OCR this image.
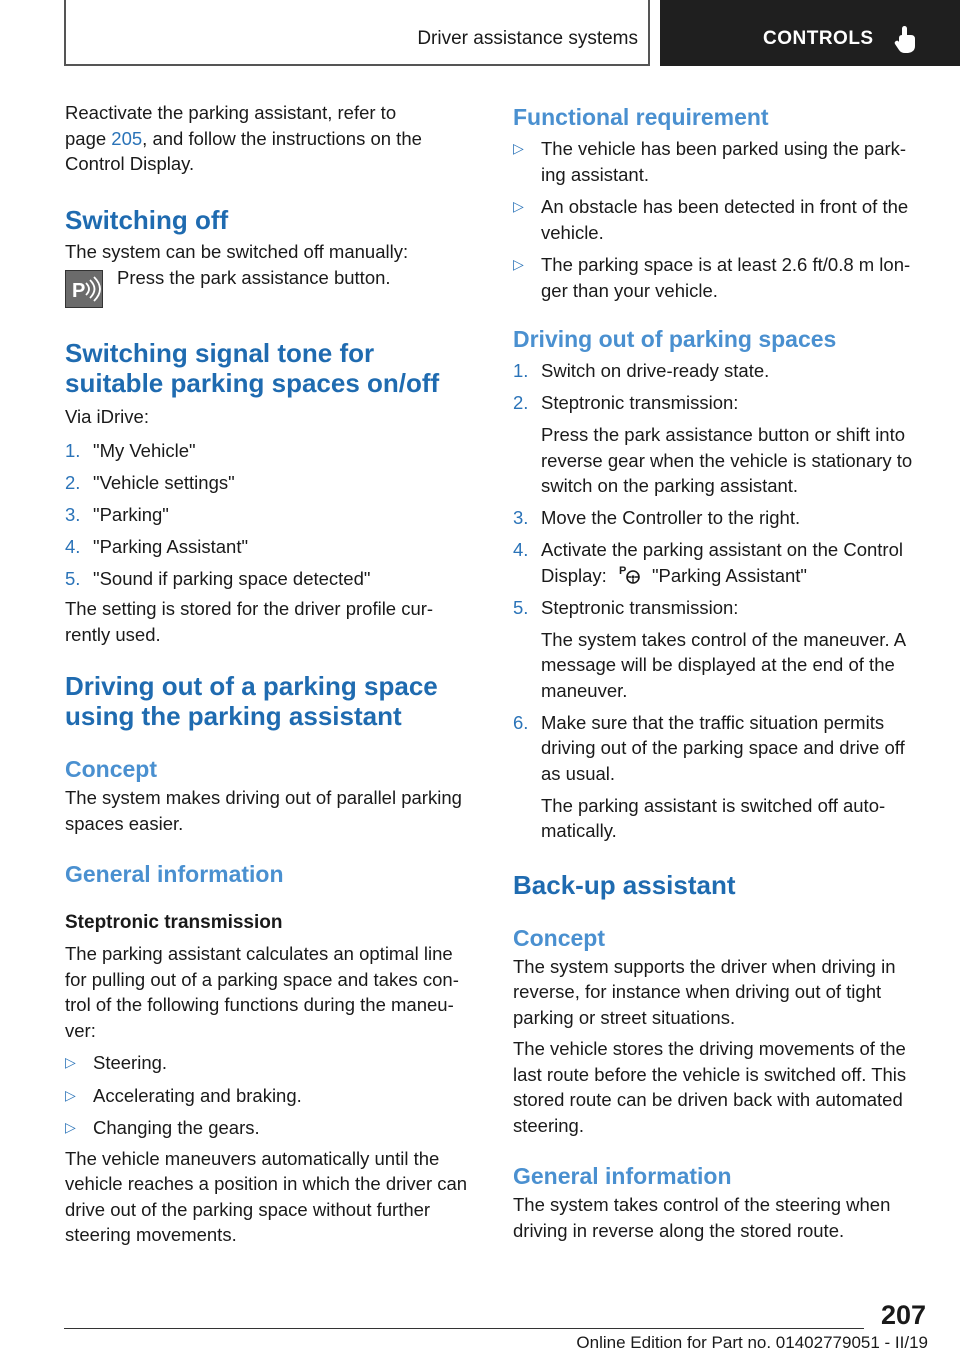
Driver assistance systems	CONTROLS

Reactivate the parking assistant, refer to

page 205, and follow the instructions on the

Control Display.

Switching off

The system can be switched off manually:

P
Press the park assistance button.
Switching signal tone for
suitable parking spaces on/off

Via iDrive:

1. "My Vehicle"
2. "Vehicle settings"
3. "Parking"
4. "Parking Assistant"
5. "Sound if parking space detected"

The setting is stored for the driver profile cur‐

rently used.

Driving out of a parking space
using the parking assistant
Concept

The system makes driving out of parallel parking

spaces easier.

General information
Steptronic transmission

The parking assistant calculates an optimal line

for pulling out of a parking space and takes con‐

trol of the following functions during the maneu‐

ver:

▷ Steering.
▷ Accelerating and braking.
▷ Changing the gears.

The vehicle maneuvers automatically until the

vehicle reaches a position in which the driver can

drive out of the parking space without further

steering movements.

Functional requirement
▷ The vehicle has been parked using the park‐
ing assistant.
▷ An obstacle has been detected in front of the
vehicle.
▷ The parking space is at least 2.6 ft/0.8 m lon‐
ger than your vehicle.
Driving out of parking spaces
1. Switch on drive-ready state.
2. Steptronic transmission:
Press the park assistance button or shift into
reverse gear when the vehicle is stationary to
switch on the parking assistant.
3. Move the Controller to the right.
4. Activate the parking assistant on the Control
Display: P "Parking Assistant"
5. Steptronic transmission:
The system takes control of the maneuver. A
message will be displayed at the end of the
maneuver.
6. Make sure that the traffic situation permits
driving out of the parking space and drive off
as usual.
The parking assistant is switched off auto‐
matically.
Back-up assistant
Concept

The system supports the driver when driving in

reverse, for instance when driving out of tight

parking or street situations.

The vehicle stores the driving movements of the

last route before the vehicle is switched off. This

stored route can be driven back with automated

steering.

General information

The system takes control of the steering when

driving in reverse along the stored route.

207
Online Edition for Part no. 01402779051 - II/19
